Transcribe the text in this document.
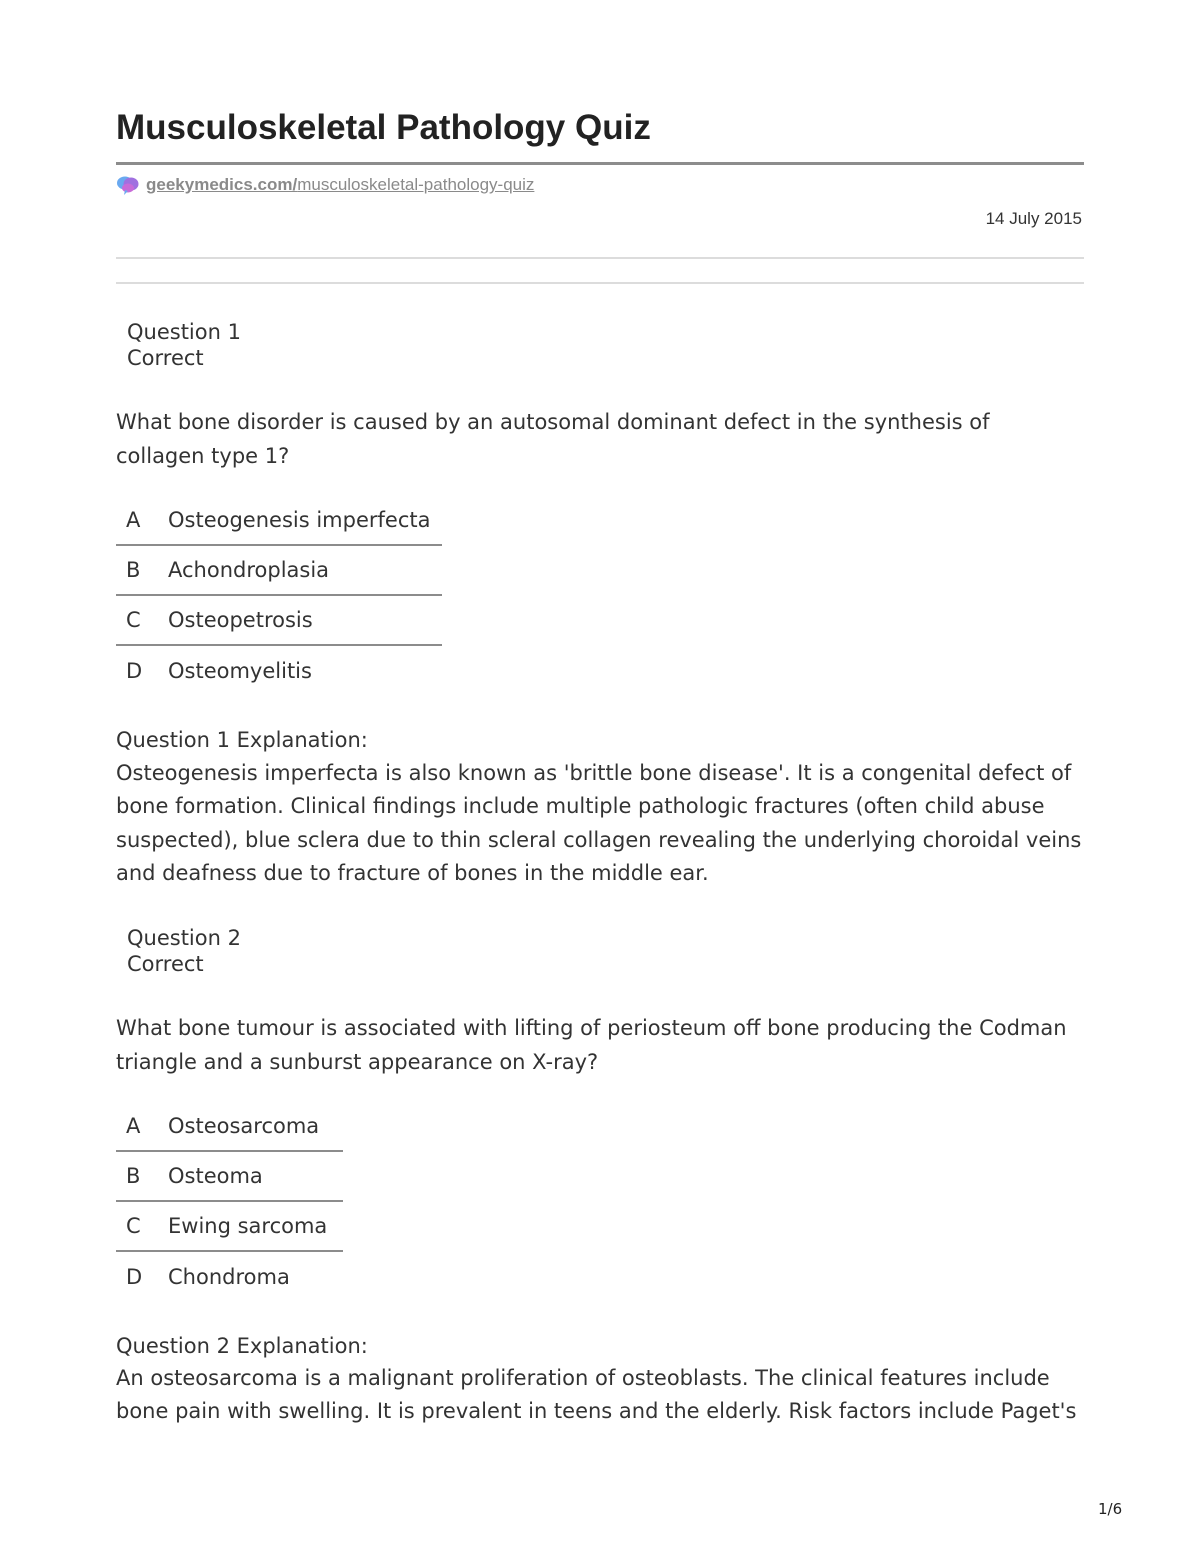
Musculoskeletal Pathology Quiz
geekymedics.com/musculoskeletal-pathology-quiz
14 July 2015
Question 1
Correct
What bone disorder is caused by an autosomal dominant defect in the synthesis of collagen type 1?
A	Osteogenesis imperfecta
B	Achondroplasia
C	Osteopetrosis
D	Osteomyelitis
Question 1 Explanation:
Osteogenesis imperfecta is also known as 'brittle bone disease'. It is a congenital defect of bone formation. Clinical findings include multiple pathologic fractures (often child abuse suspected), blue sclera due to thin scleral collagen revealing the underlying choroidal veins and deafness due to fracture of bones in the middle ear.
Question 2
Correct
What bone tumour is associated with lifting of periosteum off bone producing the Codman triangle and a sunburst appearance on X-ray?
A	Osteosarcoma
B	Osteoma
C	Ewing sarcoma
D	Chondroma
Question 2 Explanation:
An osteosarcoma is a malignant proliferation of osteoblasts. The clinical features include bone pain with swelling. It is prevalent in teens and the elderly. Risk factors include Paget's
1/6
